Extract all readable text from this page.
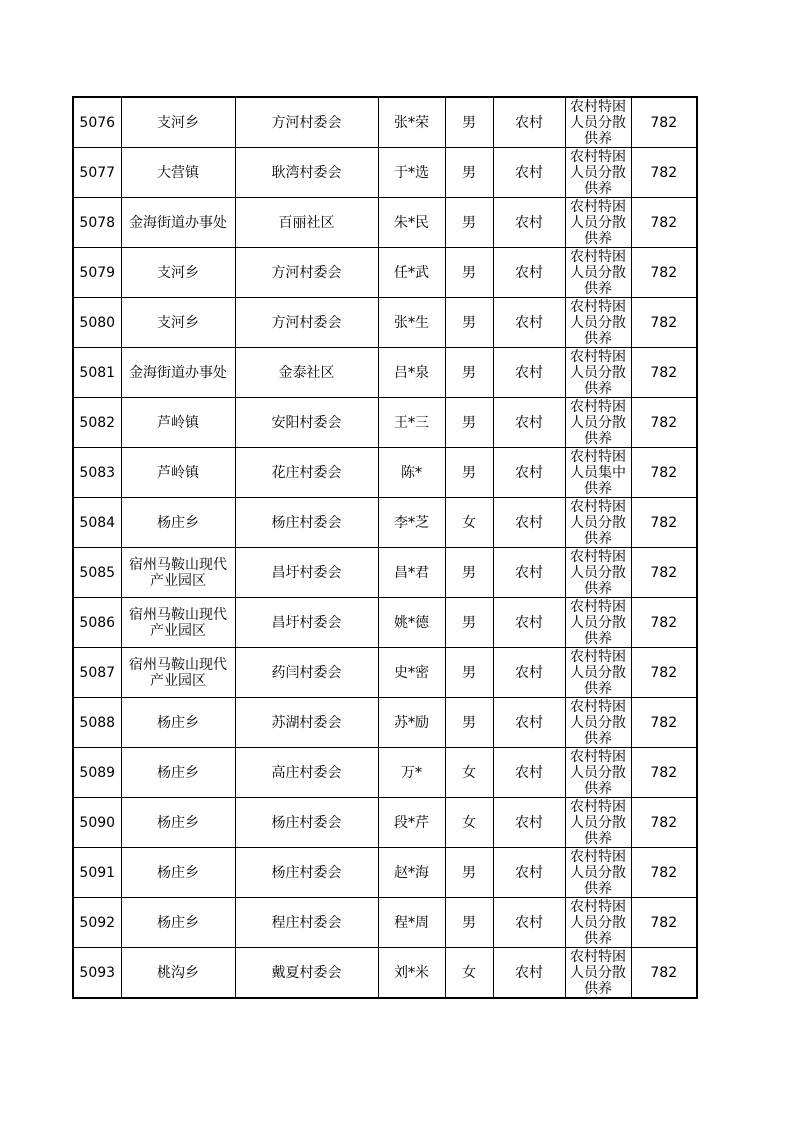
5076	支河乡	方河村委会	张*荣	男	农村	农村特困人员分散供养	782
5077	大营镇	耿湾村委会	于*选	男	农村	农村特困人员分散供养	782
5078	金海街道办事处	百丽社区	朱*民	男	农村	农村特困人员分散供养	782
5079	支河乡	方河村委会	任*武	男	农村	农村特困人员分散供养	782
5080	支河乡	方河村委会	张*生	男	农村	农村特困人员分散供养	782
5081	金海街道办事处	金泰社区	吕*泉	男	农村	农村特困人员分散供养	782
5082	芦岭镇	安阳村委会	王*三	男	农村	农村特困人员分散供养	782
5083	芦岭镇	花庄村委会	陈*	男	农村	农村特困人员集中供养	782
5084	杨庄乡	杨庄村委会	李*芝	女	农村	农村特困人员分散供养	782
5085	宿州马鞍山现代产业园区	昌圩村委会	昌*君	男	农村	农村特困人员分散供养	782
5086	宿州马鞍山现代产业园区	昌圩村委会	姚*德	男	农村	农村特困人员分散供养	782
5087	宿州马鞍山现代产业园区	药闫村委会	史*密	男	农村	农村特困人员分散供养	782
5088	杨庄乡	苏湖村委会	苏*励	男	农村	农村特困人员分散供养	782
5089	杨庄乡	高庄村委会	万*	女	农村	农村特困人员分散供养	782
5090	杨庄乡	杨庄村委会	段*芹	女	农村	农村特困人员分散供养	782
5091	杨庄乡	杨庄村委会	赵*海	男	农村	农村特困人员分散供养	782
5092	杨庄乡	程庄村委会	程*周	男	农村	农村特困人员分散供养	782
5093	桃沟乡	戴夏村委会	刘*米	女	农村	农村特困人员分散供养	782
